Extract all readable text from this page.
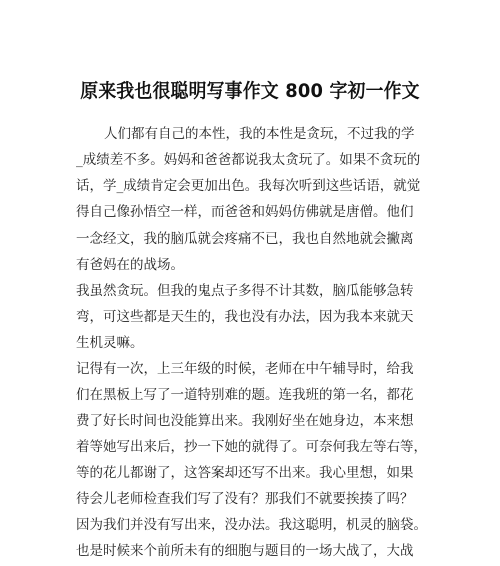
原来我也很聪明写事作文 800 字初一作文
人们都有自己的本性，我的本性是贪玩，不过我的学
_成绩差不多。妈妈和爸爸都说我太贪玩了。如果不贪玩的
话，学_成绩肯定会更加出色。我每次听到这些话语，就觉
得自己像孙悟空一样，而爸爸和妈妈仿佛就是唐僧。他们
一念经文，我的脑瓜就会疼痛不已，我也自然地就会撇离
有爸妈在的战场。
我虽然贪玩。但我的鬼点子多得不计其数，脑瓜能够急转
弯，可这些都是天生的，我也没有办法，因为我本来就天
生机灵嘛。
记得有一次，上三年级的时候，老师在中午辅导时，给我
们在黑板上写了一道特别难的题。连我班的第一名，都花
费了好长时间也没能算出来。我刚好坐在她身边，本来想
着等她写出来后，抄一下她的就得了。可奈何我左等右等，
等的花儿都谢了，这答案却还写不出来。我心里想，如果
待会儿老师检查我们写了没有？那我们不就要挨揍了吗？
因为我们并没有写出来，没办法。我这聪明，机灵的脑袋。
也是时候来个前所未有的细胞与题目的一场大战了，大战
